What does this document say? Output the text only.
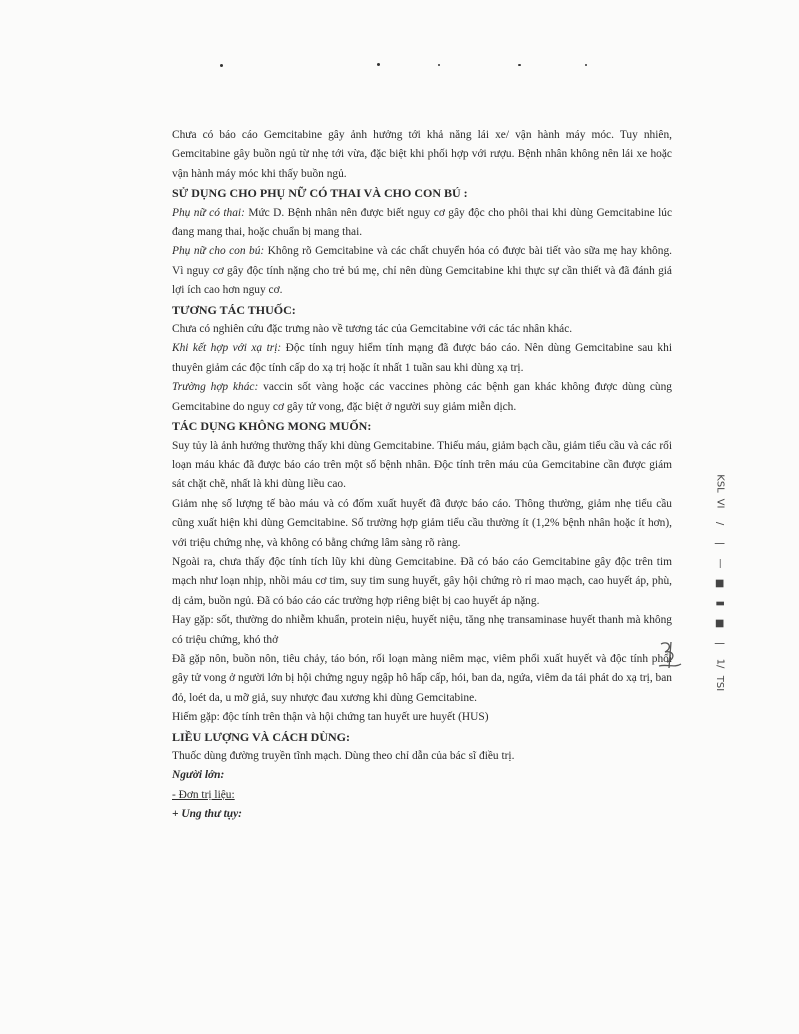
Chưa có báo cáo Gemcitabine gây ảnh hưởng tới khả năng lái xe/ vận hành máy móc. Tuy nhiên, Gemcitabine gây buồn ngủ từ nhẹ tới vừa, đặc biệt khi phối hợp với rượu. Bệnh nhân không nên lái xe hoặc vận hành máy móc khi thấy buồn ngủ.

SỬ DỤNG CHO PHỤ NỮ CÓ THAI VÀ CHO CON BÚ :

Phụ nữ có thai: Mức D. Bệnh nhân nên được biết nguy cơ gây độc cho phôi thai khi dùng Gemcitabine lúc đang mang thai, hoặc chuẩn bị mang thai.

Phụ nữ cho con bú: Không rõ Gemcitabine và các chất chuyển hóa có được bài tiết vào sữa mẹ hay không. Vì nguy cơ gây độc tính nặng cho trẻ bú mẹ, chỉ nên dùng Gemcitabine khi thực sự cần thiết và đã đánh giá lợi ích cao hơn nguy cơ.

TƯƠNG TÁC THUỐC:

Chưa có nghiên cứu đặc trưng nào về tương tác của Gemcitabine với các tác nhân khác.

Khi kết hợp với xạ trị: Độc tính nguy hiểm tính mạng đã được báo cáo. Nên dùng Gemcitabine sau khi thuyên giảm các độc tính cấp do xạ trị hoặc ít nhất 1 tuần sau khi dùng xạ trị.

Trường hợp khác: vaccin sốt vàng hoặc các vaccines phòng các bệnh gan khác không được dùng cùng Gemcitabine do nguy cơ gây tử vong, đặc biệt ở người suy giảm miễn dịch.

TÁC DỤNG KHÔNG MONG MUỐN:

Suy tủy là ảnh hưởng thường thấy khi dùng Gemcitabine. Thiếu máu, giảm bạch cầu, giảm tiểu cầu và các rối loạn máu khác đã được báo cáo trên một số bệnh nhân. Độc tính trên máu của Gemcitabine cần được giám sát chặt chẽ, nhất là khi dùng liều cao.

Giảm nhẹ số lượng tế bào máu và có đốm xuất huyết đã được báo cáo. Thông thường, giảm nhẹ tiểu cầu cũng xuất hiện khi dùng Gemcitabine. Số trường hợp giảm tiểu cầu thường ít (1,2% bệnh nhân hoặc ít hơn), với triệu chứng nhẹ, và không có bằng chứng lâm sàng rõ ràng.

Ngoài ra, chưa thấy độc tính tích lũy khi dùng Gemcitabine. Đã có báo cáo Gemcitabine gây độc trên tim mạch như loạn nhịp, nhồi máu cơ tim, suy tim sung huyết, gây hội chứng rò rỉ mao mạch, cao huyết áp, phù, dị cảm, buồn ngủ. Đã có báo cáo các trường hợp riêng biệt bị cao huyết áp nặng.

Hay gặp: sốt, thường do nhiễm khuẩn, protein niệu, huyết niệu, tăng nhẹ transaminase huyết thanh mà không có triệu chứng, khó thở

Đã gặp nôn, buồn nôn, tiêu chảy, táo bón, rối loạn màng niêm mạc, viêm phổi xuất huyết và độc tính phổi gây tử vong ở người lớn bị hội chứng nguy ngập hô hấp cấp, hói, ban da, ngứa, viêm da tái phát do xạ trị, ban đỏ, loét da, u mỡ giả, suy nhược đau xương khi dùng Gemcitabine.

Hiếm gặp: độc tính trên thận và hội chứng tan huyết ure huyết (HUS)

LIỀU LƯỢNG VÀ CÁCH DÙNG:

Thuốc dùng đường truyền tĩnh mạch. Dùng theo chỉ dẫn của bác sĩ điều trị.

Người lớn:

- Đơn trị liệu:

+ Ung thư tụy:

KSL
VI
/
|
—
■
▮
■
|
1/
TSI
